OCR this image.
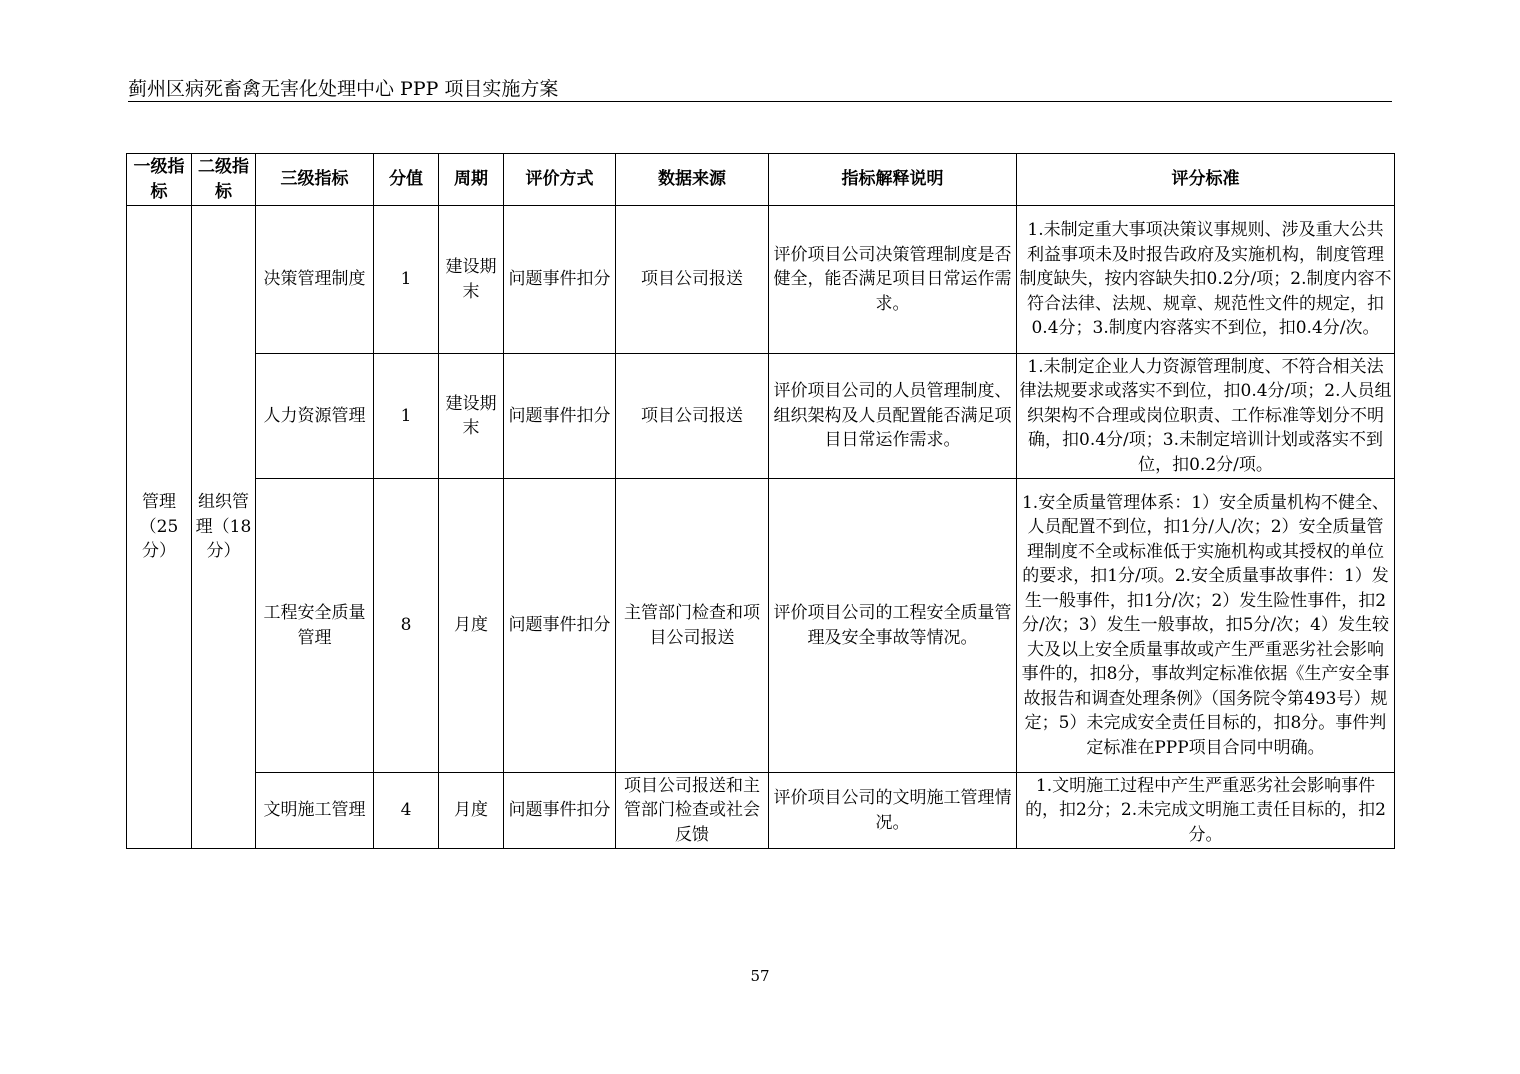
蓟州区病死畜禽无害化处理中心 PPP 项目实施方案
一级指标	二级指标	三级指标	分值	周期	评价方式	数据来源	指标解释说明	评分标准
管理（25分）	组织管理（18分）	决策管理制度	1	建设期末	问题事件扣分	项目公司报送	评价项目公司决策管理制度是否健全，能否满足项目日常运作需求。	1.未制定重大事项决策议事规则、涉及重大公共利益事项未及时报告政府及实施机构，制度管理制度缺失，按内容缺失扣0.2分/项；2.制度内容不符合法律、法规、规章、规范性文件的规定，扣0.4分；3.制度内容落实不到位，扣0.4分/次。
		人力资源管理	1	建设期末	问题事件扣分	项目公司报送	评价项目公司的人员管理制度、组织架构及人员配置能否满足项目日常运作需求。	1.未制定企业人力资源管理制度、不符合相关法律法规要求或落实不到位，扣0.4分/项；2.人员组织架构不合理或岗位职责、工作标准等划分不明确，扣0.4分/项；3.未制定培训计划或落实不到位，扣0.2分/项。
		工程安全质量管理	8	月度	问题事件扣分	主管部门检查和项目公司报送	评价项目公司的工程安全质量管理及安全事故等情况。	1.安全质量管理体系：1）安全质量机构不健全、人员配置不到位，扣1分/人/次；2）安全质量管理制度不全或标准低于实施机构或其授权的单位的要求，扣1分/项。2.安全质量事故事件：1）发生一般事件，扣1分/次；2）发生险性事件，扣2分/次；3）发生一般事故，扣5分/次；4）发生较大及以上安全质量事故或产生严重恶劣社会影响事件的，扣8分，事故判定标准依据《生产安全事故报告和调查处理条例》（国务院令第493号）规定；5）未完成安全责任目标的，扣8分。事件判定标准在PPP项目合同中明确。
		文明施工管理	4	月度	问题事件扣分	项目公司报送和主管部门检查或社会反馈	评价项目公司的文明施工管理情况。	1.文明施工过程中产生严重恶劣社会影响事件的，扣2分；2.未完成文明施工责任目标的，扣2分。
57
